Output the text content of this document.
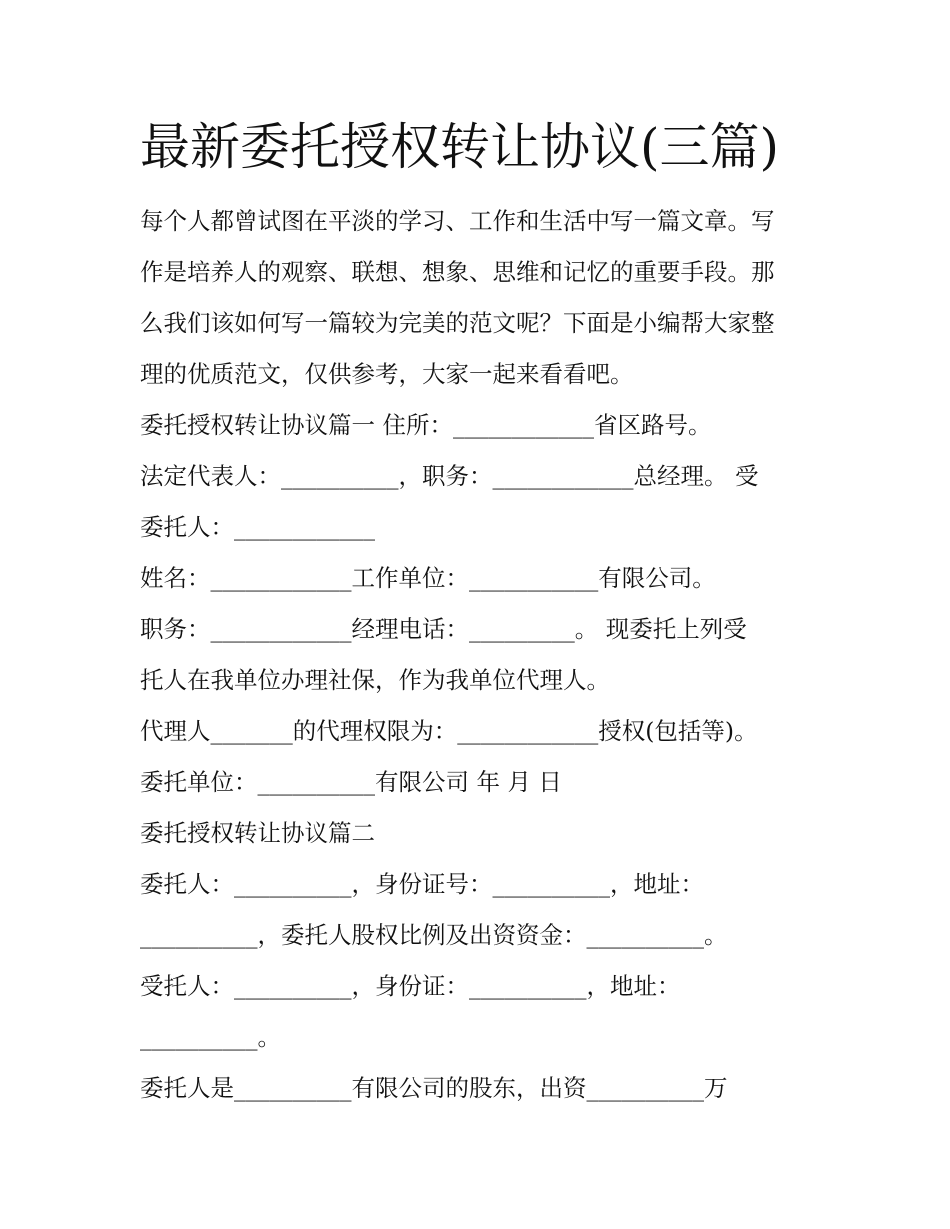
最新委托授权转让协议(三篇)
每个人都曾试图在平淡的学习、工作和生活中写一篇文章。写
作是培养人的观察、联想、想象、思维和记忆的重要手段。那
么我们该如何写一篇较为完美的范文呢？下面是小编帮大家整
理的优质范文，仅供参考，大家一起来看看吧。
委托授权转让协议篇一 住所：____________省区路号。
法定代表人：__________，职务：____________总经理。 受
委托人：____________
姓名：____________工作单位：___________有限公司。
职务：____________经理电话：_________。 现委托上列受
托人在我单位办理社保，作为我单位代理人。
代理人_______的代理权限为：____________授权(包括等)。
委托单位：__________有限公司 年 月 日
委托授权转让协议篇二
委托人：__________，身份证号：__________，地址：
__________，委托人股权比例及出资资金：__________。
受托人：__________，身份证：__________，地址：
__________。
委托人是__________有限公司的股东，出资__________万
